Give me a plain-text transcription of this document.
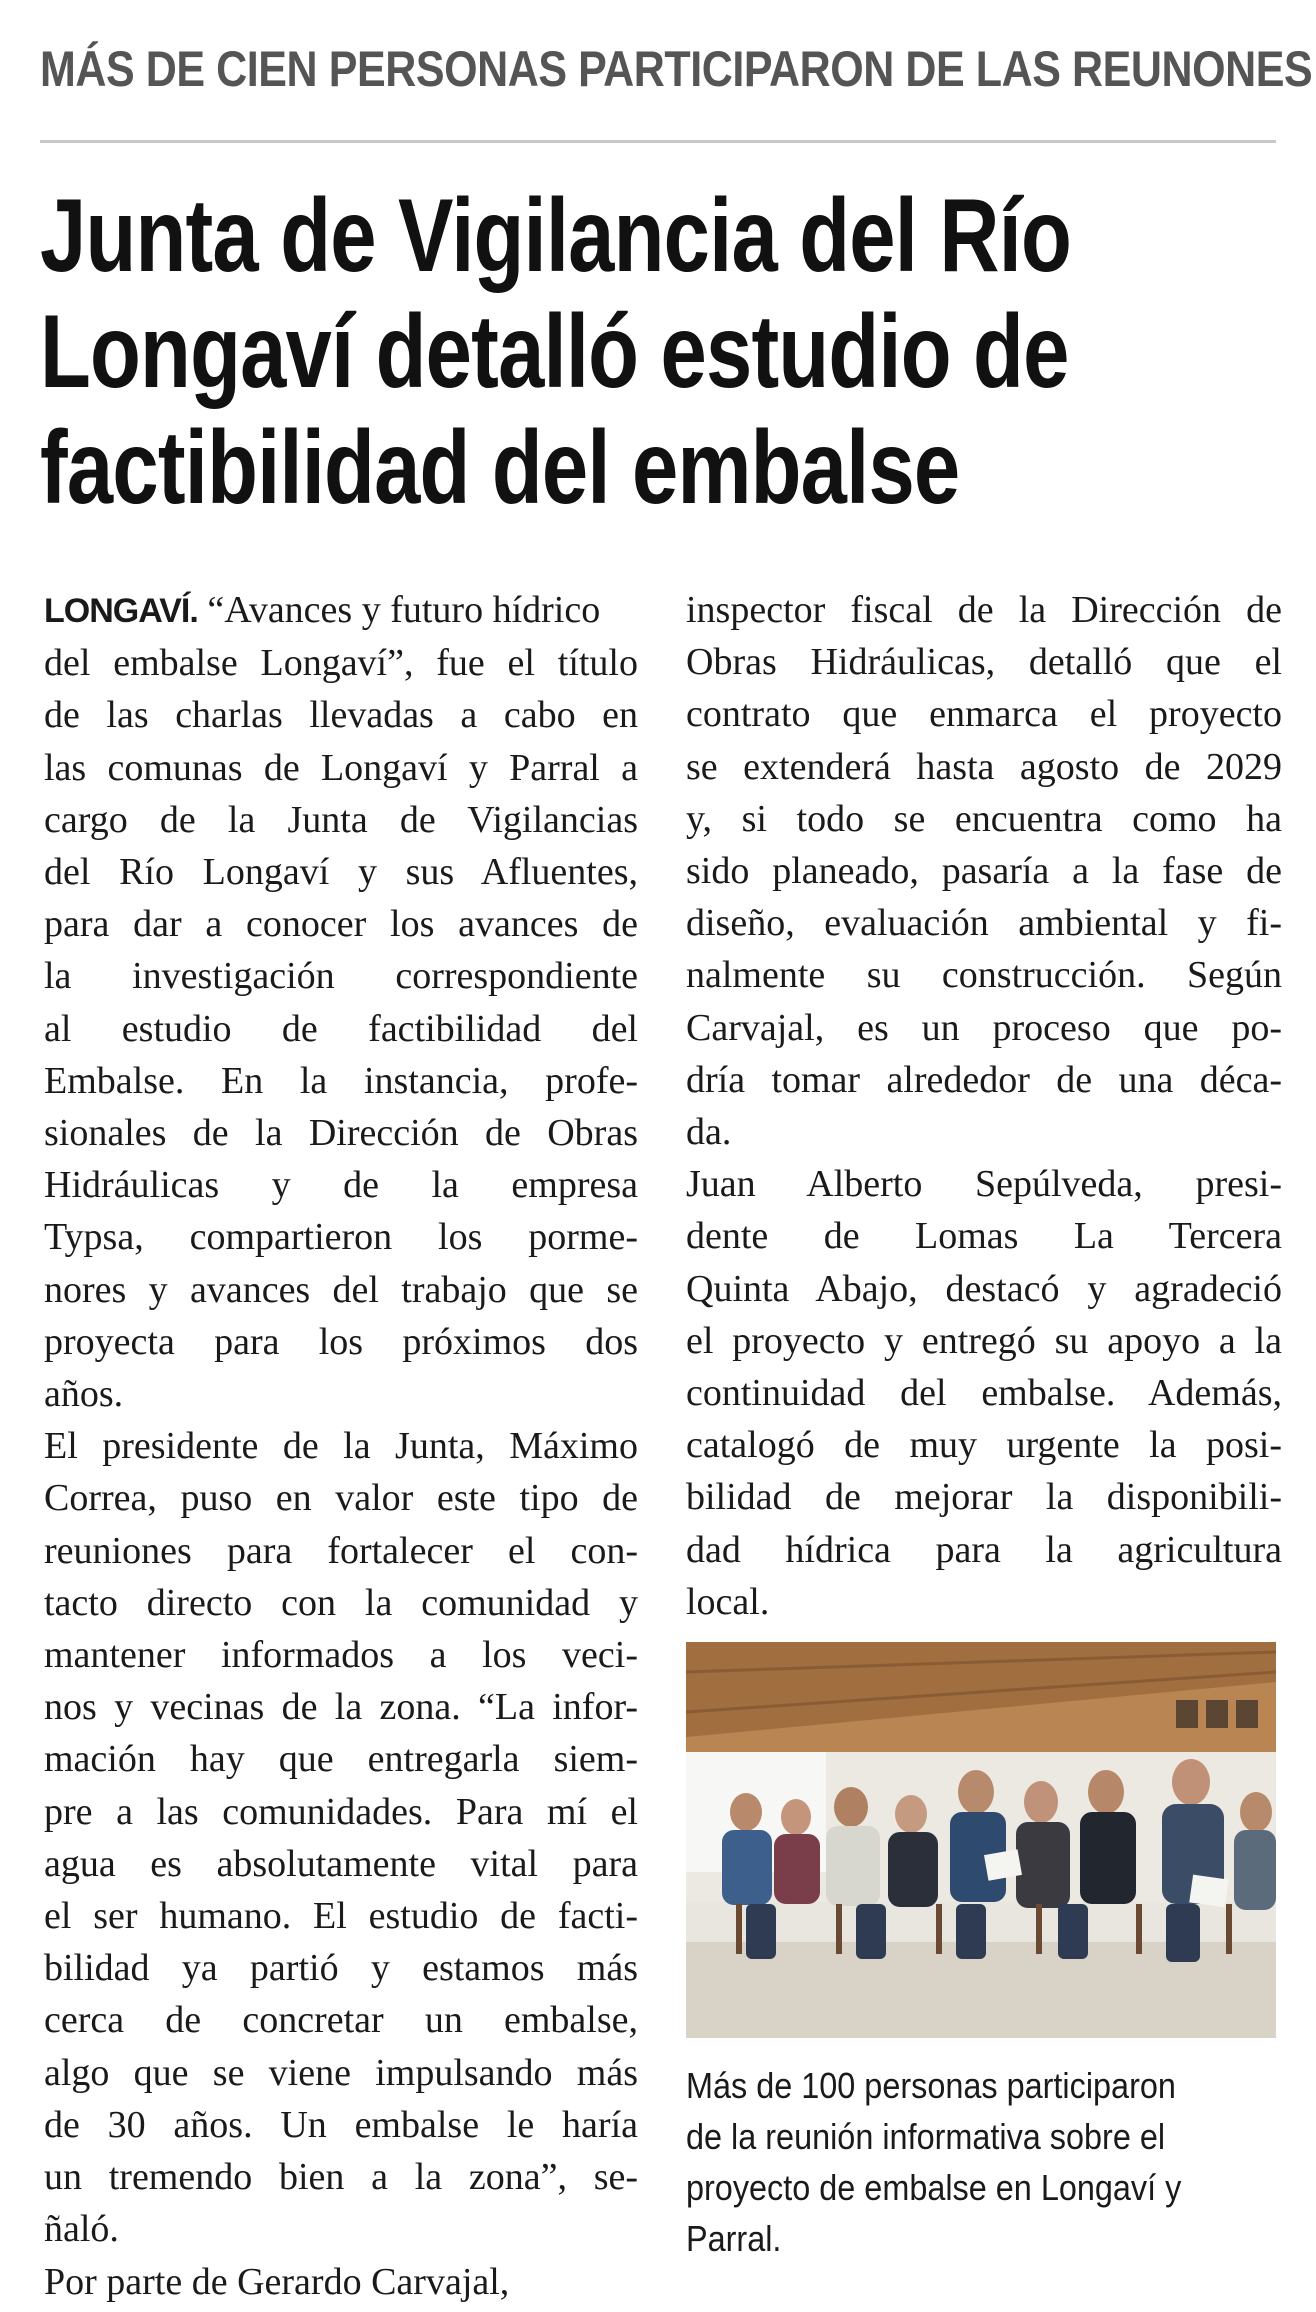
MÁS DE CIEN PERSONAS PARTICIPARON DE LAS REUNONES
Junta de Vigilancia del Río
Longaví detalló estudio de
factibilidad del embalse
LONGAVÍ. “Avances y futuro hídrico
del embalse Longaví”, fue el título
de las charlas llevadas a cabo en
las comunas de Longaví y Parral a
cargo de la Junta de Vigilancias
del Río Longaví y sus Afluentes,
para dar a conocer los avances de
la investigación correspondiente
al estudio de factibilidad del
Embalse. En la instancia, profe-
sionales de la Dirección de Obras
Hidráulicas y de la empresa
Typsa, compartieron los porme-
nores y avances del trabajo que se
proyecta para los próximos dos
años.
El presidente de la Junta, Máximo
Correa, puso en valor este tipo de
reuniones para fortalecer el con-
tacto directo con la comunidad y
mantener informados a los veci-
nos y vecinas de la zona. “La infor-
mación hay que entregarla siem-
pre a las comunidades. Para mí el
agua es absolutamente vital para
el ser humano. El estudio de facti-
bilidad ya partió y estamos más
cerca de concretar un embalse,
algo que se viene impulsando más
de 30 años. Un embalse le haría
un tremendo bien a la zona”, se-
ñaló.
Por parte de Gerardo Carvajal,
inspector fiscal de la Dirección de
Obras Hidráulicas, detalló que el
contrato que enmarca el proyecto
se extenderá hasta agosto de 2029
y, si todo se encuentra como ha
sido planeado, pasaría a la fase de
diseño, evaluación ambiental y fi-
nalmente su construcción. Según
Carvajal, es un proceso que po-
dría tomar alrededor de una déca-
da.
Juan Alberto Sepúlveda, presi-
dente de Lomas La Tercera
Quinta Abajo, destacó y agradeció
el proyecto y entregó su apoyo a la
continuidad del embalse. Además,
catalogó de muy urgente la posi-
bilidad de mejorar la disponibili-
dad hídrica para la agricultura
local.
Más de 100 personas participaron
de la reunión informativa sobre el
proyecto de embalse en Longaví y
Parral.
